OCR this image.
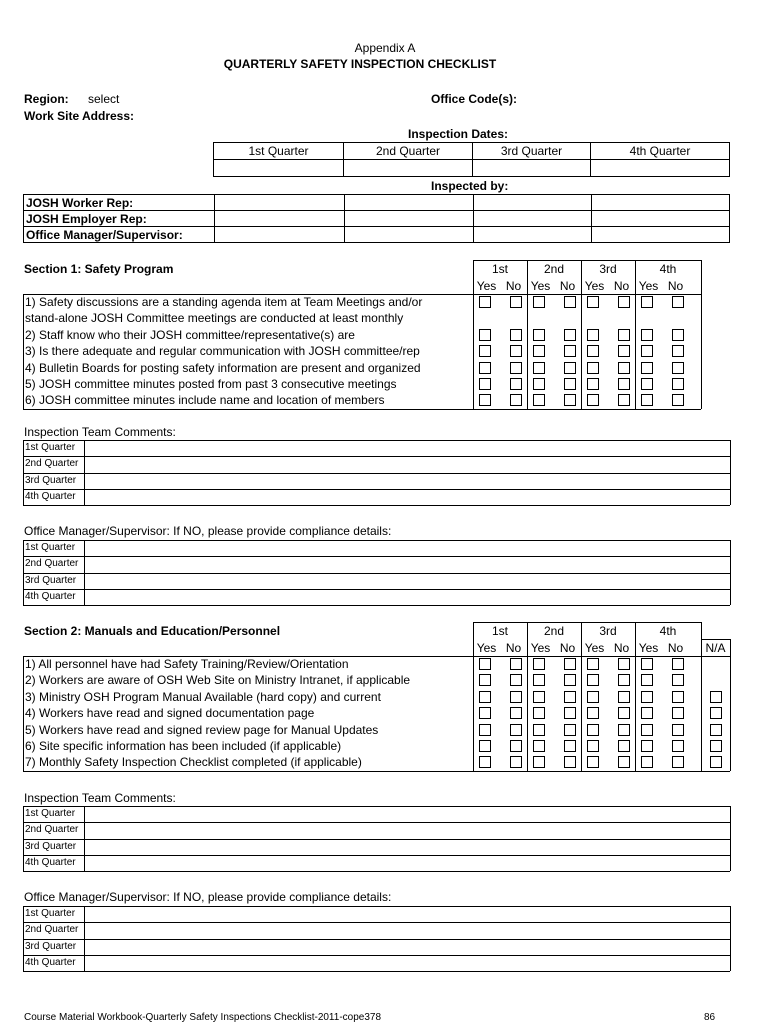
Appendix A
QUARTERLY SAFETY INSPECTION CHECKLIST
Region: select	Office Code(s):
Work Site Address:
Inspection Dates:
1st Quarter	2nd Quarter	3rd Quarter	4th Quarter

Inspected by:
JOSH Worker Rep:				
JOSH Employer Rep:				
Office Manager/Supervisor:				
Section 1: Safety Program	1st
Yes No
2nd
Yes No
3rd
Yes No
4th
Yes No
1) Safety discussions are a standing agenda item at Team Meetings and/or
stand-alone JOSH Committee meetings are conducted at least monthly
2) Staff know who their JOSH committee/representative(s) are
3) Is there adequate and regular communication with JOSH committee/rep
4) Bulletin Boards for posting safety information are present and organized
5) JOSH committee minutes posted from past 3 consecutive meetings
6) JOSH committee minutes include name and location of members
Inspection Team Comments:
1st Quarter
2nd Quarter
3rd Quarter
4th Quarter
Office Manager/Supervisor: If NO, please provide compliance details:
1st Quarter
2nd Quarter
3rd Quarter
4th Quarter
Section 2: Manuals and Education/Personnel	1st
Yes No
2nd
Yes No
3rd
Yes No
4th
Yes No	N/A
1) All personnel have had Safety Training/Review/Orientation
2) Workers are aware of OSH Web Site on Ministry Intranet, if applicable
3) Ministry OSH Program Manual Available (hard copy) and current
4) Workers have read and signed documentation page
5) Workers have read and signed review page for Manual Updates
6) Site specific information has been included (if applicable)
7) Monthly Safety Inspection Checklist completed (if applicable)
Inspection Team Comments:
1st Quarter
2nd Quarter
3rd Quarter
4th Quarter
Office Manager/Supervisor: If NO, please provide compliance details:
1st Quarter
2nd Quarter
3rd Quarter
4th Quarter
Course Material Workbook-Quarterly Safety Inspections Checklist-2011-cope378	86
